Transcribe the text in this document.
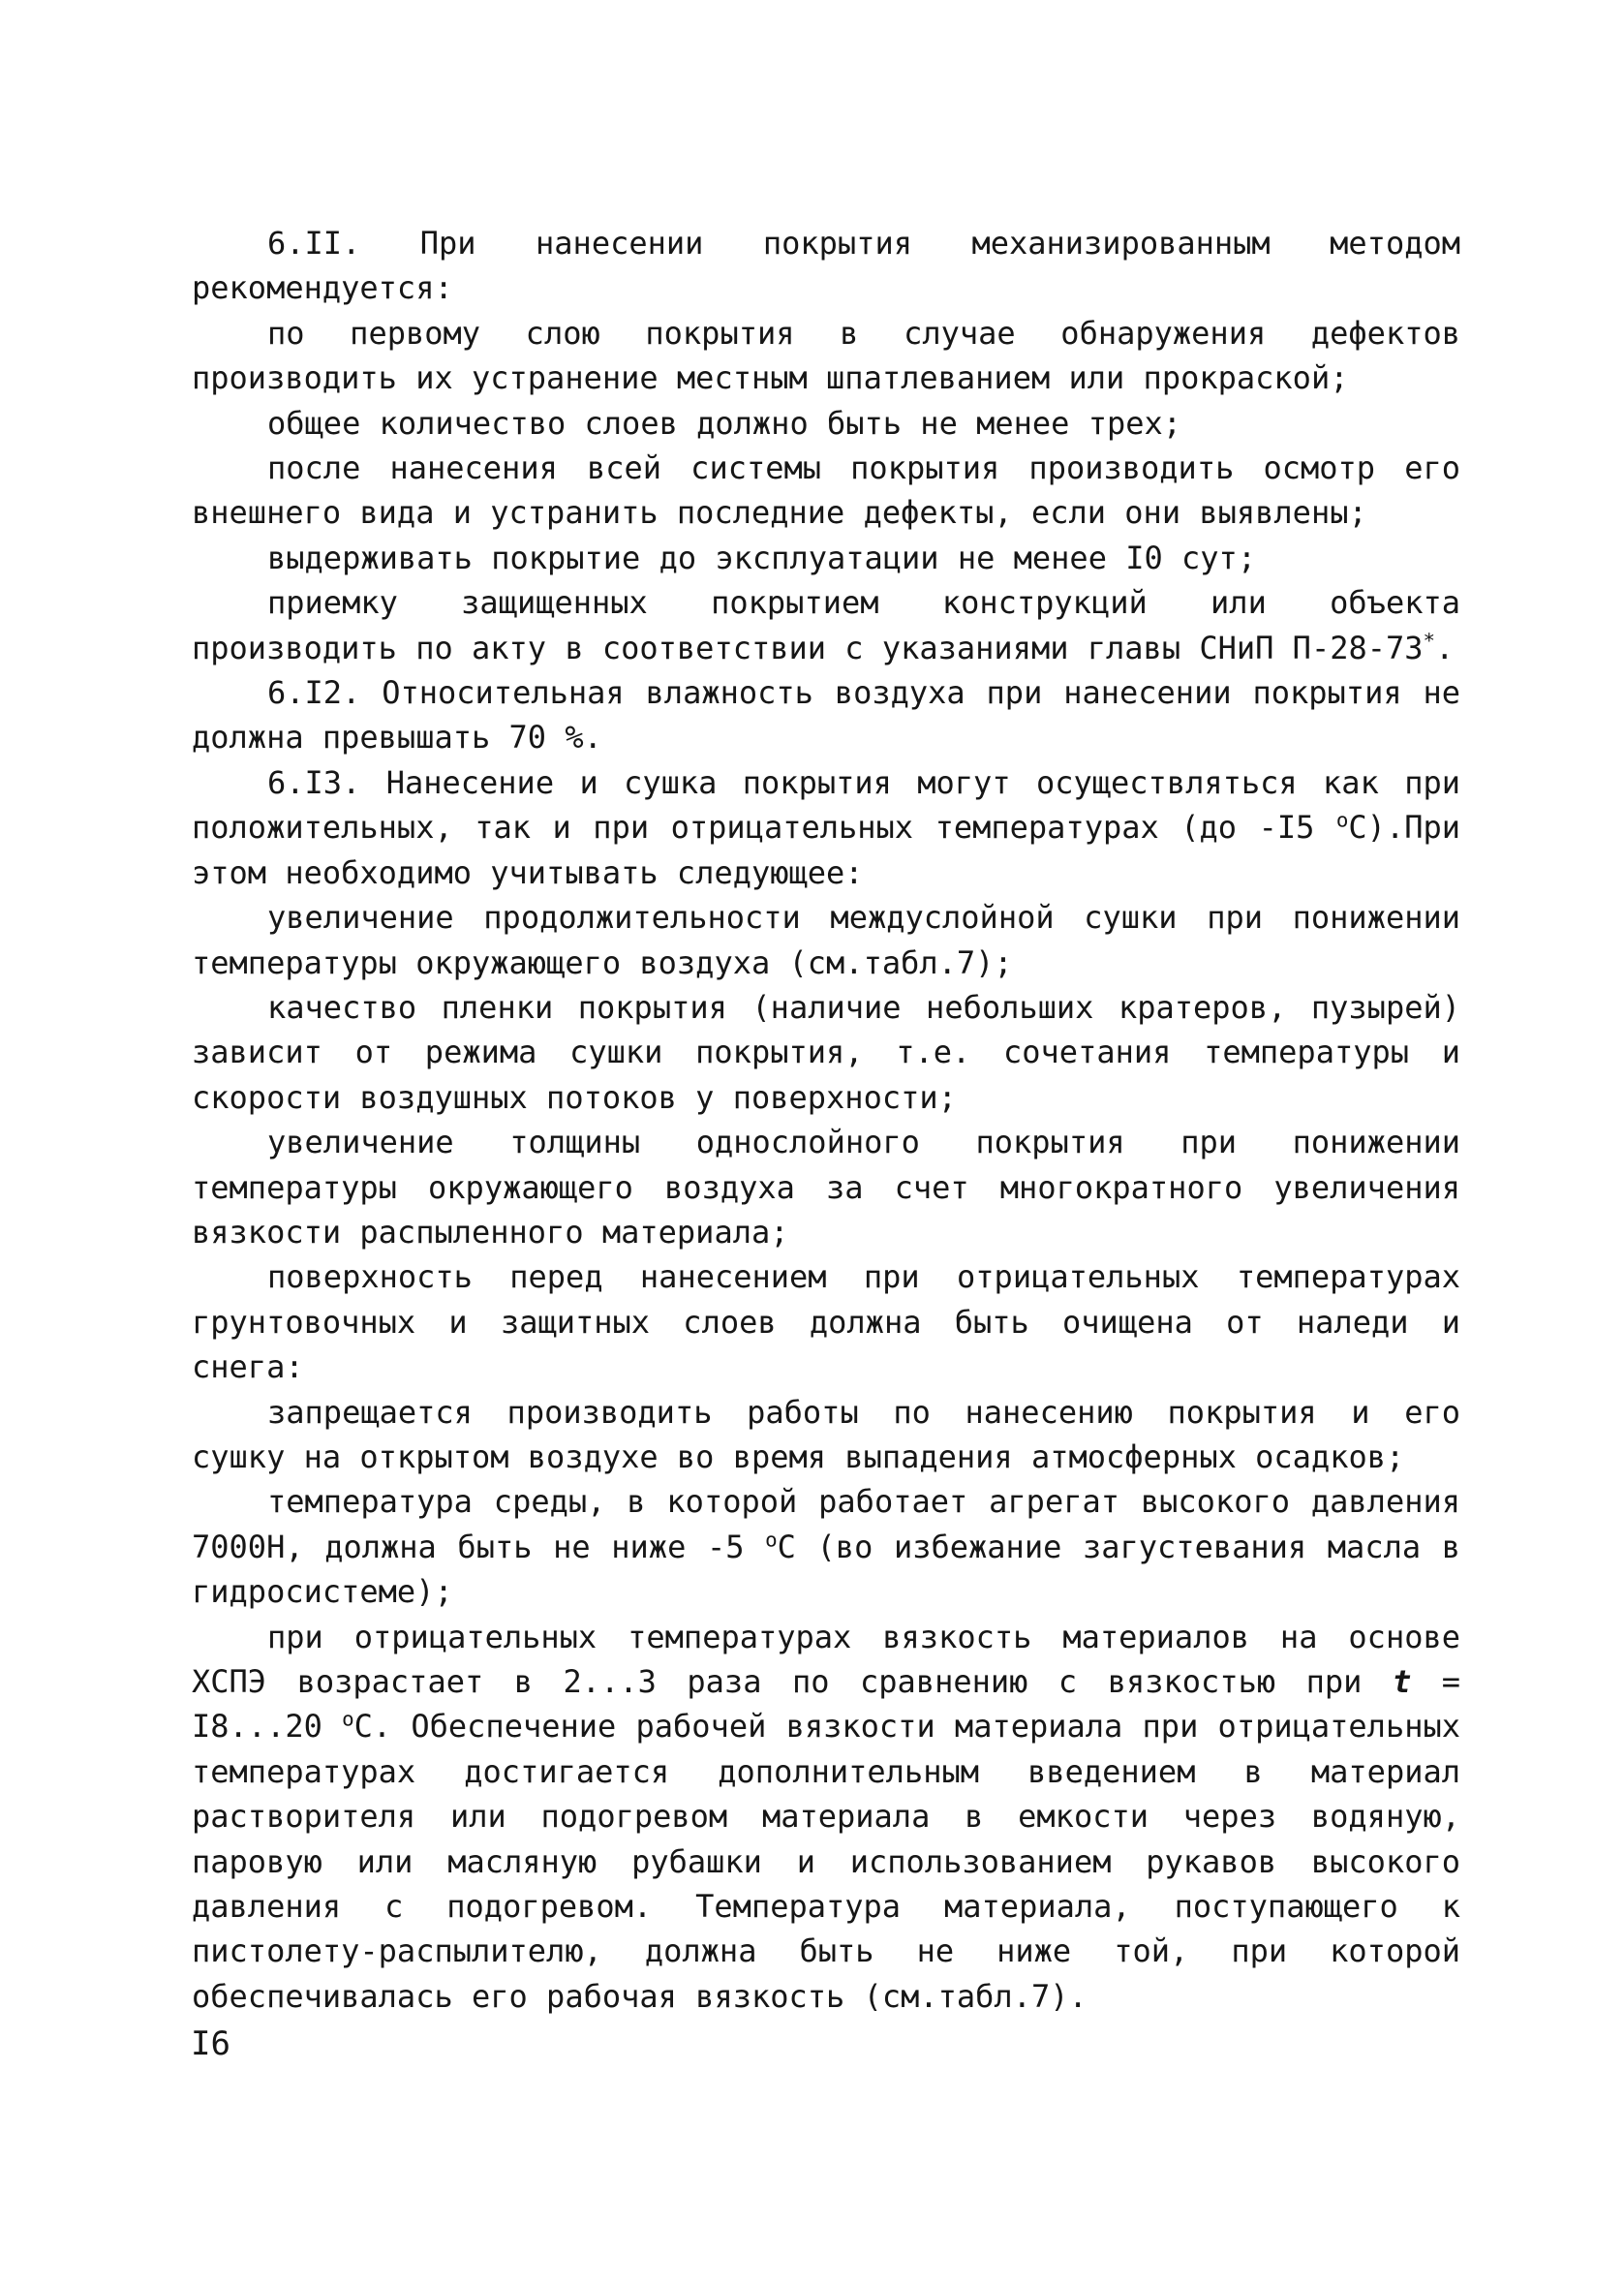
6.II. При нанесении покрытия механизированным методом рекомендуется:

по первому слою покрытия в случае обнаружения дефектов производить их устранение местным шпатлеванием или прокраской;

общее количество слоев должно быть не менее трех;

после нанесения всей системы покрытия производить осмотр его внешнего вида и устранить последние дефекты, если они выявлены;

выдерживать покрытие до эксплуатации не менее I0 сут;

приемку защищенных покрытием конструкций или объекта производить по акту в соответствии с указаниями главы СНиП П-28-73*.

6.I2. Относительная влажность воздуха при нанесении покрытия не должна превышать 70 %.

6.I3. Нанесение и сушка покрытия могут осуществляться как при положительных, так и при отрицательных температурах (до -I5 $^о$С).При этом необходимо учитывать следующее:

увеличение продолжительности междуслойной сушки при понижении температуры окружающего воздуха (см.табл.7);

качество пленки покрытия (наличие небольших кратеров, пузырей) зависит от режима сушки покрытия, т.е. сочетания температуры и скорости воздушных потоков у поверхности;

увеличение толщины однослойного покрытия при понижении температуры окружающего воздуха за счет многократного увеличения вязкости распыленного материала;

поверхность перед нанесением при отрицательных температурах грунтовочных и защитных слоев должна быть очищена от наледи и снега:

запрещается производить работы по нанесению покрытия и его сушку на открытом воздухе во время выпадения атмосферных осадков;

температура среды, в которой работает агрегат высокого давления 7000Н, должна быть не ниже -5 $^о$С (во избежание загустевания масла в гидросистеме);

при отрицательных температурах вязкость материалов на основе ХСПЭ возрастает в 2...3 раза по сравнению с вязкостью при t = I8...20 $^о$С. Обеспечение рабочей вязкости материала при отрицательных температурах достигается дополнительным введением в материал растворителя или подогревом материала в емкости через водяную, паровую или масляную рубашки и использованием рукавов высокого давления с подогревом. Температура материала, поступающего к пистолету-распылителю, должна быть не ниже той, при которой обеспечивалась его рабочая вязкость (см.табл.7).

I6
